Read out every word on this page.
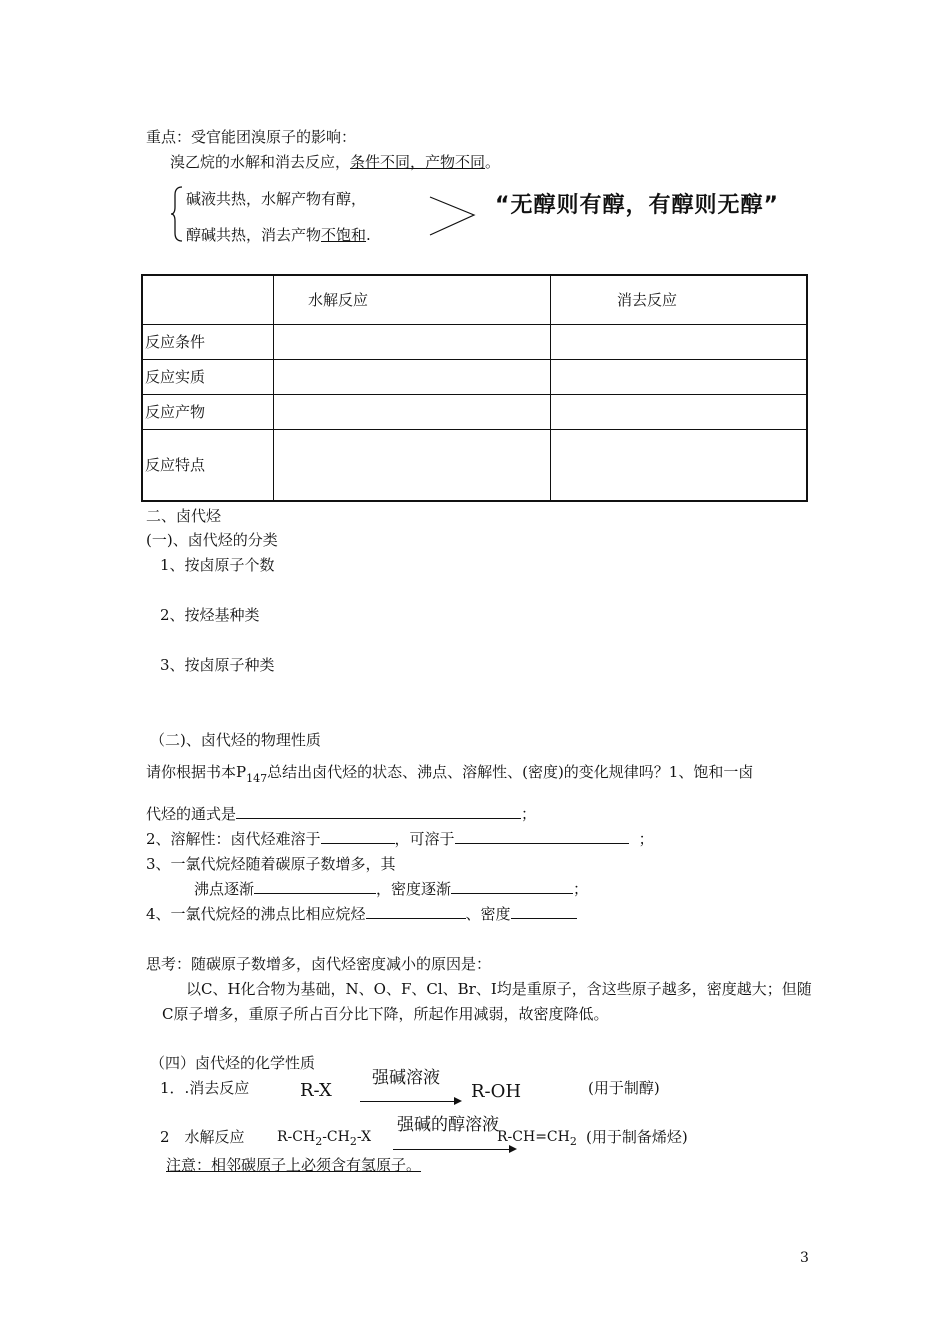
重点：受官能团溴原子的影响：
溴乙烷的水解和消去反应，条件不同，产物不同。
碱液共热，水解产物有醇，
醇碱共热，消去产物不饱和.
“无醇则有醇，有醇则无醇”
	水解反应	消去反应
反应条件		
反应实质		
反应产物		
反应特点		
二、卤代烃
(一)、卤代烃的分类
1、按卤原子个数
2、按烃基种类
3、按卤原子种类
（二)、卤代烃的物理性质
请你根据书本$P_{147}$总结出卤代烃的状态、沸点、溶解性、(密度)的变化规律吗？1、饱和一卤
代烃的通式是	；
2、溶解性：卤代烃难溶于	，可溶于	；
3、一氯代烷烃随着碳原子数增多，其
沸点逐渐	，密度逐渐	；
4、一氯代烷烃的沸点比相应烷烃	、密度
思考：随碳原子数增多，卤代烃密度减小的原因是：
以C、H化合物为基础，N、O、F、Cl、Br、I均是重原子，含这些原子越多，密度越大；但随
C原子增多，重原子所占百分比下降，所起作用减弱，故密度降低。
（四）卤代烃的化学性质
1．.消去反应	R-X
强碱溶液
R-OH	(用于制醇)
2　水解反应 $R-CH_2-CH_2-X$
强碱的醇溶液
$R-CH=CH_2$ (用于制备烯烃)
注意：相邻碳原子上必须含有氢原子。
3
